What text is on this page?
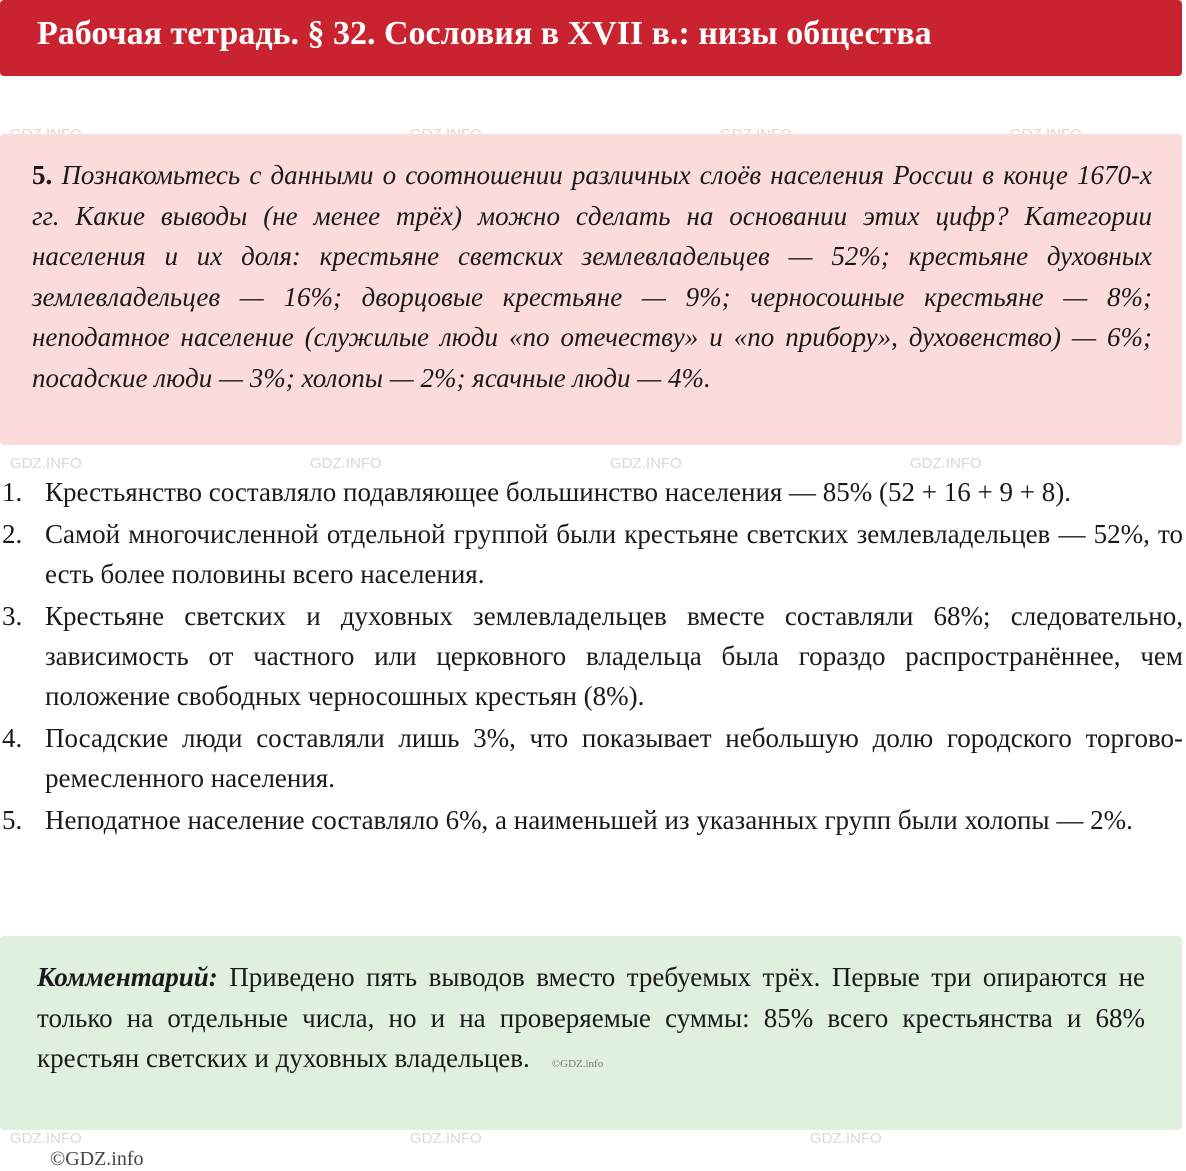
Рабочая тетрадь. § 32. Сословия в XVII в.: низы общества
GDZ.INFO	GDZ.INFO	GDZ.INFO	GDZ.INFO
GDZ.INFO	GDZ.INFO	GDZ.INFO
5. Познакомьтесь с данными о соотношении различных слоёв населения России в конце 1670-х гг. Какие выводы (не менее трёх) можно сделать на основании этих цифр? Категории населения и их доля: крестьяне светских землевладельцев — 52%; крестьяне духовных землевладельцев — 16%; дворцовые крестьяне — 9%; черносошные крестьяне — 8%; неподатное население (служилые люди «по отечеству» и «по прибору», духовенство) — 6%; посадские люди — 3%; холопы — 2%; ясачные люди — 4%.
1. Крестьянство составляло подавляющее большинство населения — 85% (52 + 16 + 9 + 8).
2. Самой многочисленной отдельной группой были крестьяне светских землевладельцев — 52%, то есть более половины всего населения.
3. Крестьяне светских и духовных землевладельцев вместе составляли 68%; следовательно, зависимость от частного или церковного владельца была гораздо распространённее, чем положение свободных черносошных крестьян (8%).
4. Посадские люди составляли лишь 3%, что показывает небольшую долю городского торгово-ремесленного населения.
5. Неподатное население составляло 6%, а наименьшей из указанных групп были холопы — 2%.
Комментарий: Приведено пять выводов вместо требуемых трёх. Первые три опираются не только на отдельные числа, но и на проверяемые суммы: 85% всего крестьянства и 68% крестьян светских и духовных владельцев. ©GDZ.info
©GDZ.info
